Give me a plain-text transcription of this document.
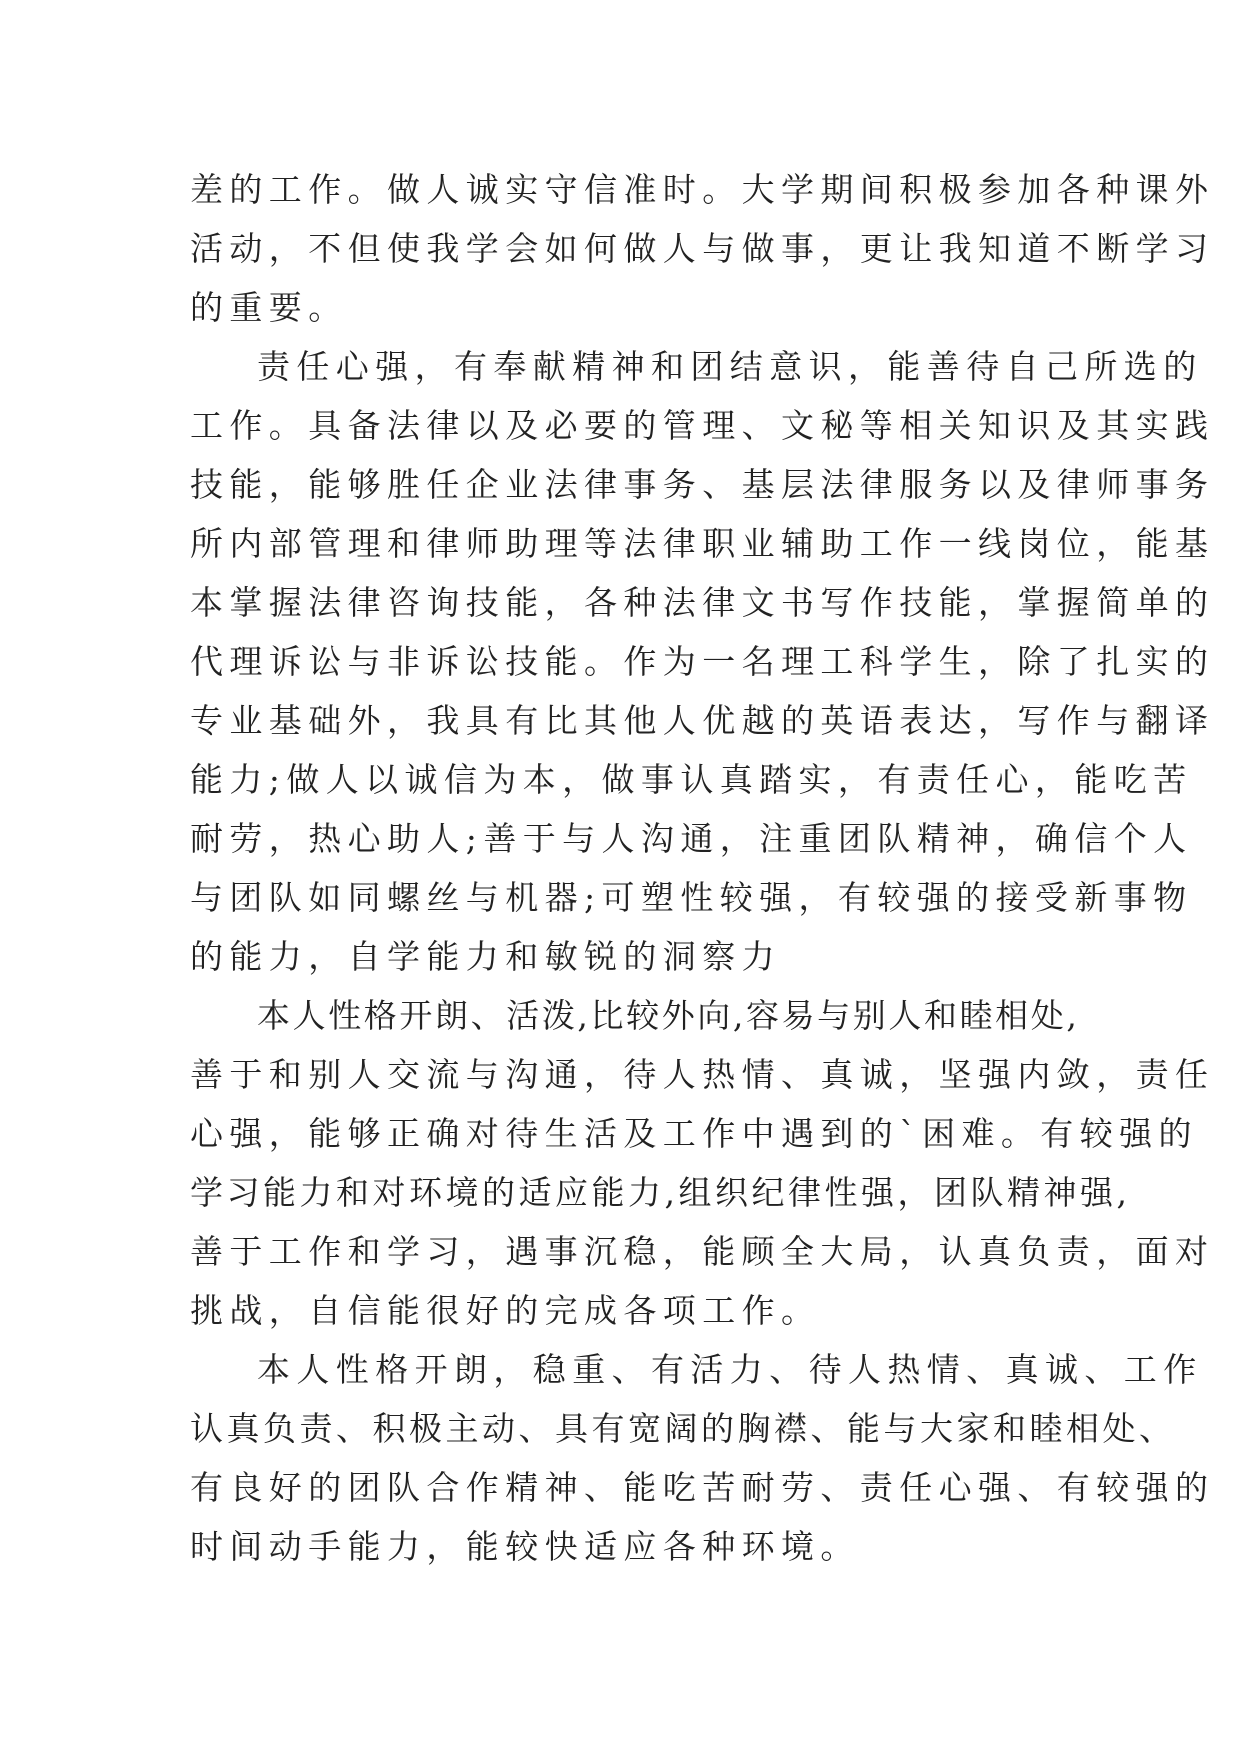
差的工作。做人诚实守信准时。大学期间积极参加各种课外
活动，不但使我学会如何做人与做事，更让我知道不断学习
的重要。
责任心强，有奉献精神和团结意识，能善待自己所选的
工作。具备法律以及必要的管理、文秘等相关知识及其实践
技能，能够胜任企业法律事务、基层法律服务以及律师事务
所内部管理和律师助理等法律职业辅助工作一线岗位，能基
本掌握法律咨询技能，各种法律文书写作技能，掌握简单的
代理诉讼与非诉讼技能。作为一名理工科学生，除了扎实的
专业基础外，我具有比其他人优越的英语表达，写作与翻译
能力;做人以诚信为本，做事认真踏实，有责任心，能吃苦
耐劳，热心助人;善于与人沟通，注重团队精神，确信个人
与团队如同螺丝与机器;可塑性较强，有较强的接受新事物
的能力，自学能力和敏锐的洞察力
本人性格开朗、活泼,比较外向,容易与别人和睦相处,
善于和别人交流与沟通，待人热情、真诚，坚强内敛，责任
心强，能够正确对待生活及工作中遇到的`困难。有较强的
学习能力和对环境的适应能力,组织纪律性强，团队精神强,
善于工作和学习，遇事沉稳，能顾全大局，认真负责，面对
挑战，自信能很好的完成各项工作。
本人性格开朗，稳重、有活力、待人热情、真诚、工作
认真负责、积极主动、具有宽阔的胸襟、能与大家和睦相处、
有良好的团队合作精神、能吃苦耐劳、责任心强、有较强的
时间动手能力，能较快适应各种环境。
